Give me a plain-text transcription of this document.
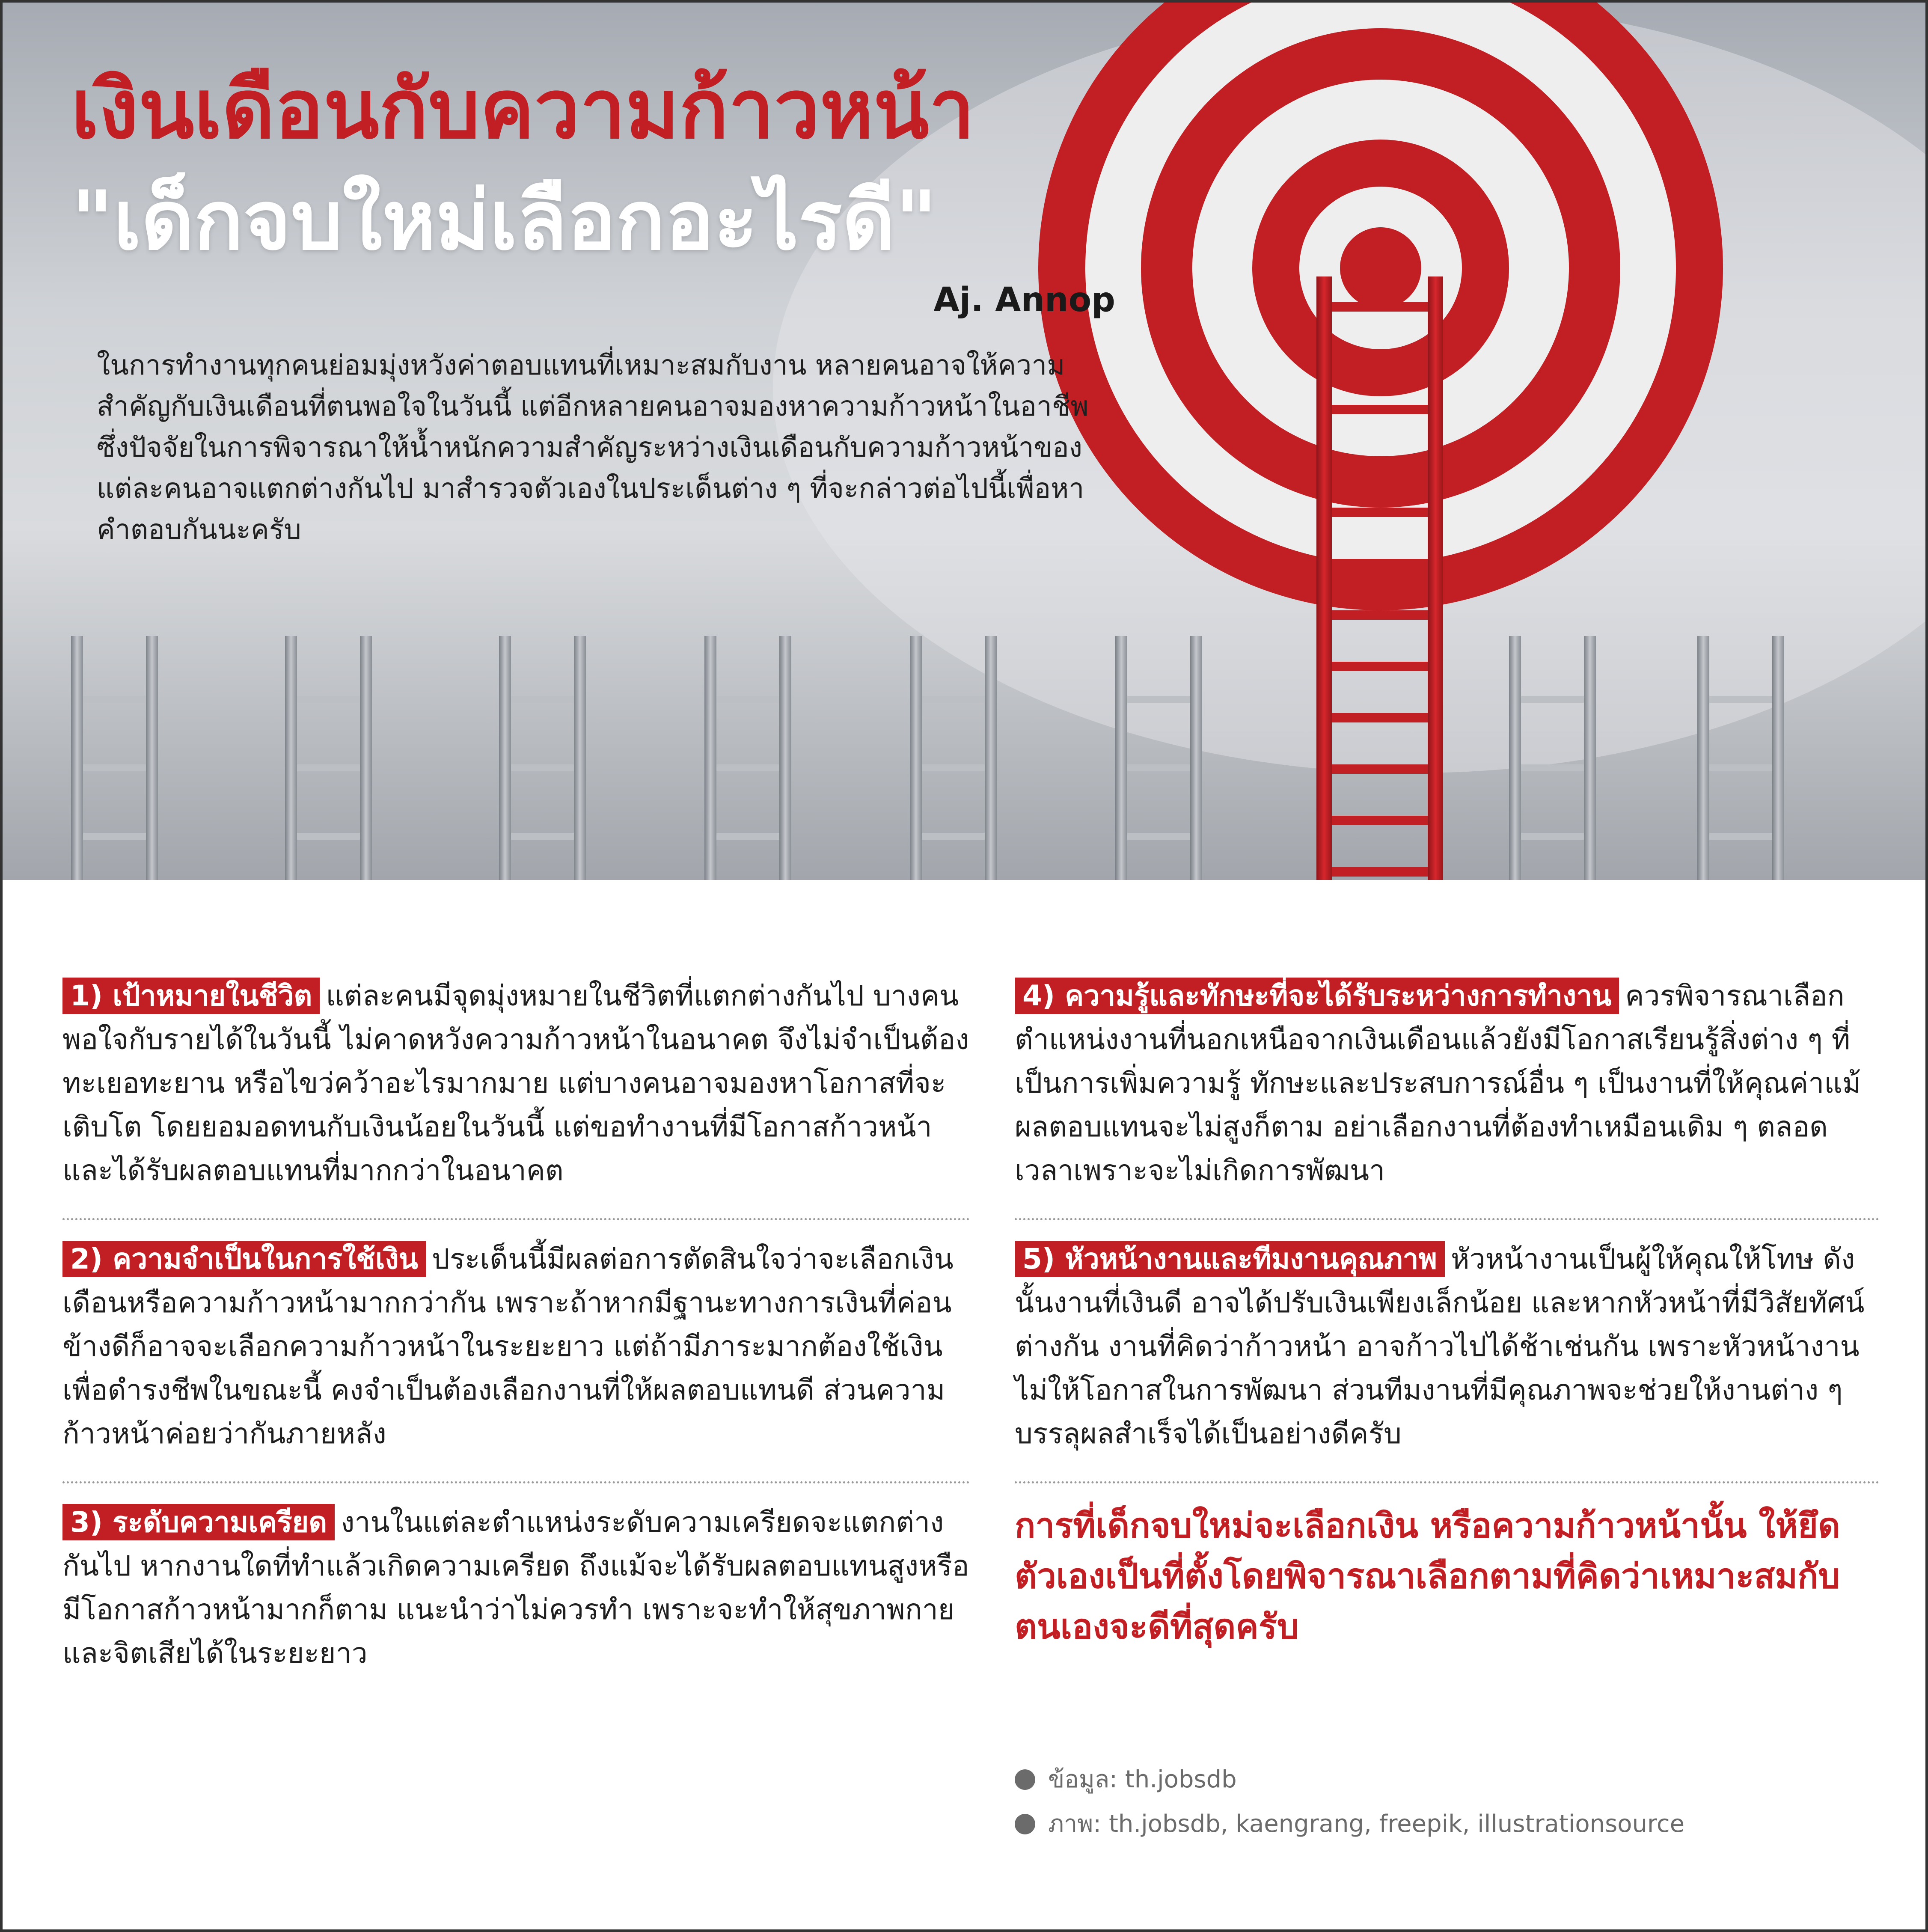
เงินเดือนกับความก้าวหน้า
"เด็กจบใหม่เลือกอะไรดี"
Aj. Annop

ในการทำงานทุกคนย่อมมุ่งหวังค่าตอบแทนที่เหมาะสมกับงาน หลายคนอาจให้ความสำคัญกับเงินเดือนที่ตนพอใจในวันนี้ แต่อีกหลายคนอาจมองหาความก้าวหน้าในอาชีพ ซึ่งปัจจัยในการพิจารณาให้น้ำหนักความสำคัญระหว่างเงินเดือนกับความก้าวหน้าของแต่ละคนอาจแตกต่างกันไป มาสำรวจตัวเองในประเด็นต่าง ๆ ที่จะกล่าวต่อไปนี้เพื่อหาคำตอบกันนะครับ

1) เป้าหมายในชีวิต แต่ละคนมีจุดมุ่งหมายในชีวิตที่แตกต่างกันไป บางคนพอใจกับรายได้ในวันนี้ ไม่คาดหวังความก้าวหน้าในอนาคต จึงไม่จำเป็นต้องทะเยอทะยาน หรือไขว่คว้าอะไรมากมาย แต่บางคนอาจมองหาโอกาสที่จะเติบโต โดยยอมอดทนกับเงินน้อยในวันนี้ แต่ขอทำงานที่มีโอกาสก้าวหน้าและได้รับผลตอบแทนที่มากกว่าในอนาคต

2) ความจำเป็นในการใช้เงิน ประเด็นนี้มีผลต่อการตัดสินใจว่าจะเลือกเงินเดือนหรือความก้าวหน้ามากกว่ากัน เพราะถ้าหากมีฐานะทางการเงินที่ค่อนข้างดีก็อาจจะเลือกความก้าวหน้าในระยะยาว แต่ถ้ามีภาระมากต้องใช้เงินเพื่อดำรงชีพในขณะนี้ คงจำเป็นต้องเลือกงานที่ให้ผลตอบแทนดี ส่วนความก้าวหน้าค่อยว่ากันภายหลัง

3) ระดับความเครียด งานในแต่ละตำแหน่งระดับความเครียดจะแตกต่างกันไป หากงานใดที่ทำแล้วเกิดความเครียด ถึงแม้จะได้รับผลตอบแทนสูงหรือมีโอกาสก้าวหน้ามากก็ตาม แนะนำว่าไม่ควรทำ เพราะจะทำให้สุขภาพกายและจิตเสียได้ในระยะยาว

4) ความรู้และทักษะที่จะได้รับระหว่างการทำงาน ควรพิจารณาเลือกตำแหน่งงานที่นอกเหนือจากเงินเดือนแล้วยังมีโอกาสเรียนรู้สิ่งต่าง ๆ ที่เป็นการเพิ่มความรู้ ทักษะและประสบการณ์อื่น ๆ เป็นงานที่ให้คุณค่าแม้ผลตอบแทนจะไม่สูงก็ตาม อย่าเลือกงานที่ต้องทำเหมือนเดิม ๆ ตลอดเวลาเพราะจะไม่เกิดการพัฒนา

5) หัวหน้างานและทีมงานคุณภาพ หัวหน้างานเป็นผู้ให้คุณให้โทษ ดังนั้นงานที่เงินดี อาจได้ปรับเงินเพียงเล็กน้อย และหากหัวหน้าที่มีวิสัยทัศน์ต่างกัน งานที่คิดว่าก้าวหน้า อาจก้าวไปได้ช้าเช่นกัน เพราะหัวหน้างานไม่ให้โอกาสในการพัฒนา ส่วนทีมงานที่มีคุณภาพจะช่วยให้งานต่าง ๆ บรรลุผลสำเร็จได้เป็นอย่างดีครับ

การที่เด็กจบใหม่จะเลือกเงิน หรือความก้าวหน้านั้น ให้ยึดตัวเองเป็นที่ตั้งโดยพิจารณาเลือกตามที่คิดว่าเหมาะสมกับตนเองจะดีที่สุดครับ

ข้อมูล: th.jobsdb
ภาพ: th.jobsdb, kaengrang, freepik, illustrationsource
